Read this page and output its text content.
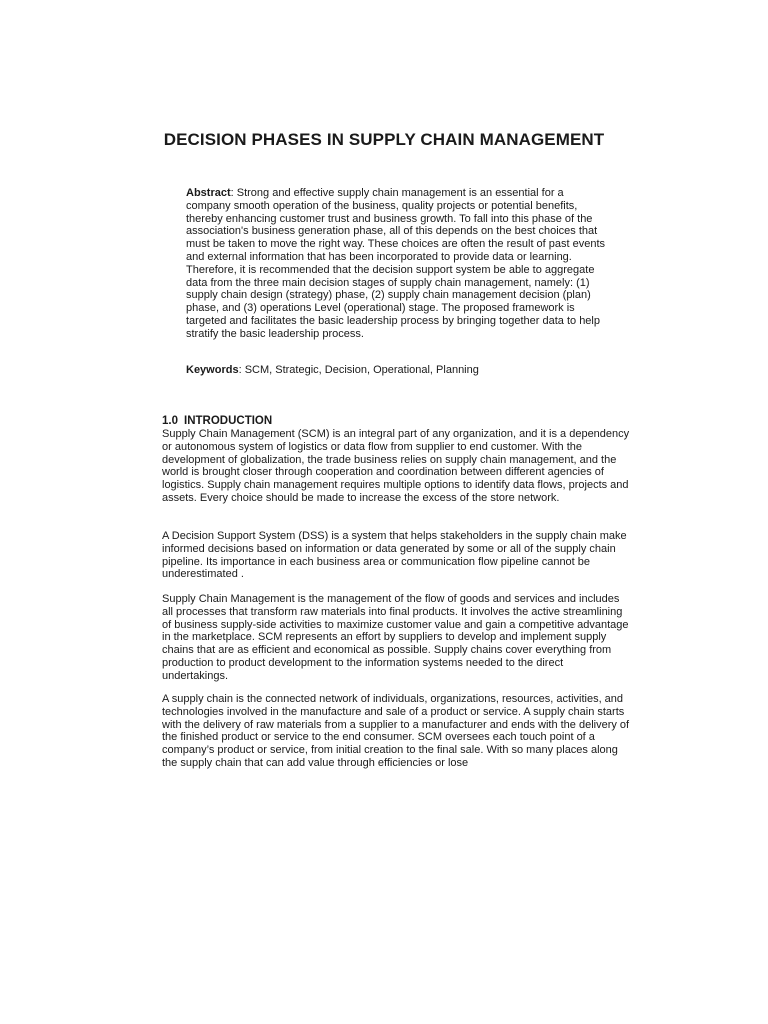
DECISION PHASES IN SUPPLY CHAIN MANAGEMENT

Abstract: Strong and effective supply chain management is an essential for a company smooth operation of the business, quality projects or potential benefits, thereby enhancing customer trust and business growth. To fall into this phase of the association's business generation phase, all of this depends on the best choices that must be taken to move the right way. These choices are often the result of past events and external information that has been incorporated to provide data or learning. Therefore, it is recommended that the decision support system be able to aggregate data from the three main decision stages of supply chain management, namely: (1) supply chain design (strategy) phase, (2) supply chain management decision (plan) phase, and (3) operations Level (operational) stage. The proposed framework is targeted and facilitates the basic leadership process by bringing together data to help stratify the basic leadership process.

Keywords: SCM, Strategic, Decision, Operational, Planning

1.0 INTRODUCTION

Supply Chain Management (SCM) is an integral part of any organization, and it is a dependency or autonomous system of logistics or data flow from supplier to end customer. With the development of globalization, the trade business relies on supply chain management, and the world is brought closer through cooperation and coordination between different agencies of logistics. Supply chain management requires multiple options to identify data flows, projects and assets. Every choice should be made to increase the excess of the store network.

A Decision Support System (DSS) is a system that helps stakeholders in the supply chain make informed decisions based on information or data generated by some or all of the supply chain pipeline. Its importance in each business area or communication flow pipeline cannot be underestimated .

Supply Chain Management is the management of the flow of goods and services and includes all processes that transform raw materials into final products. It involves the active streamlining of business supply-side activities to maximize customer value and gain a competitive advantage in the marketplace. SCM represents an effort by suppliers to develop and implement supply chains that are as efficient and economical as possible. Supply chains cover everything from production to product development to the information systems needed to the direct undertakings.

A supply chain is the connected network of individuals, organizations, resources, activities, and technologies involved in the manufacture and sale of a product or service. A supply chain starts with the delivery of raw materials from a supplier to a manufacturer and ends with the delivery of the finished product or service to the end consumer. SCM oversees each touch point of a company’s product or service, from initial creation to the final sale. With so many places along the supply chain that can add value through efficiencies or lose
